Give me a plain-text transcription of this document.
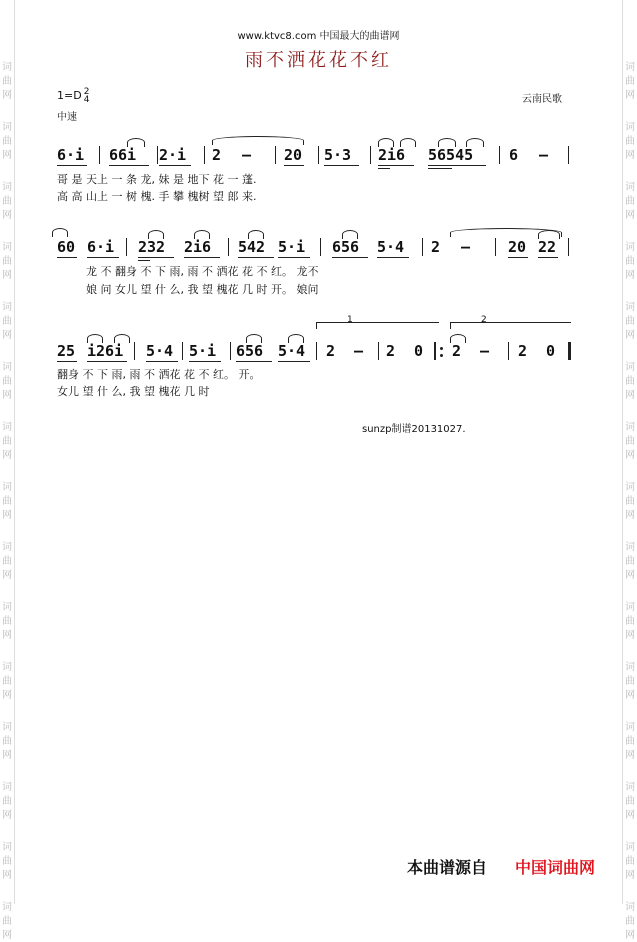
词
曲
网
词
曲
网
词
曲
网
词
曲
网
词
曲
网
词
曲
网
词
曲
网
词
曲
网
词
曲
网
词
曲
网
词
曲
网
词
曲
网
词
曲
网
词
曲
网
词
曲
网
词
曲
网
词
曲
网
词
曲
网
词
曲
网
词
曲
网
词
曲
网
词
曲
网
词
曲
网
词
曲
网
词
曲
网
词
曲
网
词
曲
网
词
曲
网
词
曲
网
词
曲
网
www.ktvc8.com 中国最大的曲谱网
雨不洒花花不红
1=D 2
4
中速
云南民歌
6·i 66i 2·i 2 – 20 5·3 2i6 56545 6 –
哥 是 天上 一 条 龙, 妹 是 地下 花 一 蓬.
高 高 山上 一 树 槐. 手 攀 槐树 望 郎 来.
60 6·i 232 2i6 542 5·i 656 5·4 2 –	20 22
龙 不 翻身 不 下 雨, 雨 不 洒花 花 不 红。 龙不
娘 问 女儿 望 什 么, 我 望 槐花 几 时 开。 娘问
1	2
25 i26i 5·4 5·i 656 5·4 2 – 2 0 2 – 2 0
翻身 不 下 雨, 雨 不 洒花 花 不 红。 开。
女儿 望 什 么, 我 望 槐花 几 时
sunzp制谱20131027.
本曲谱源自 中国词曲网
